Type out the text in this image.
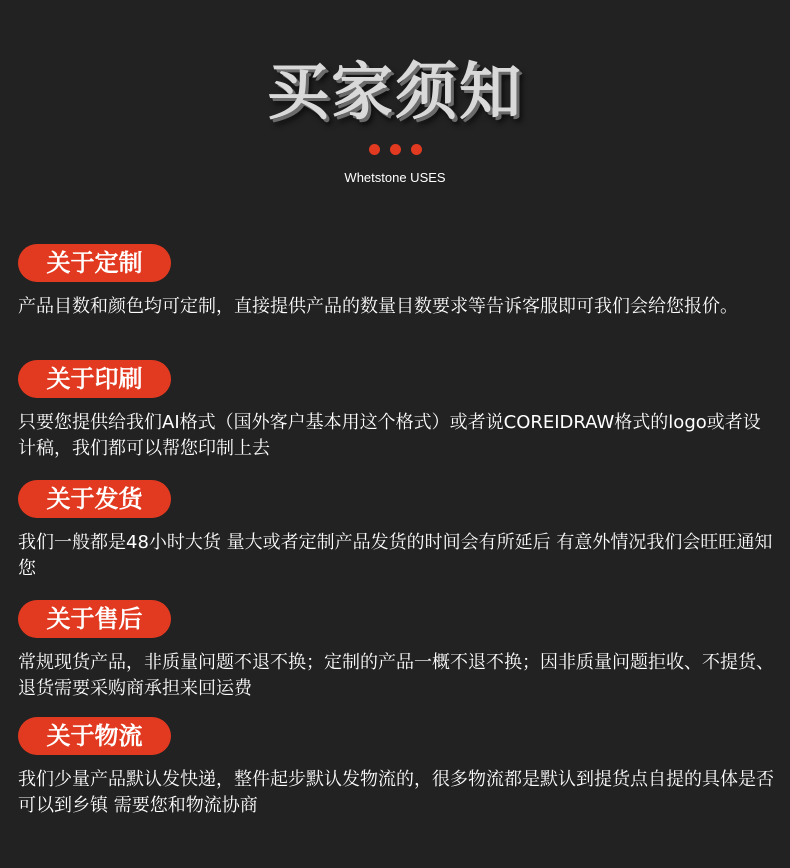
买家须知
Whetstone USES
关于定制
产品目数和颜色均可定制，直接提供产品的数量目数要求等告诉客服即可我们会给您报价。
关于印刷
只要您提供给我们AI格式（国外客户基本用这个格式）或者说COREIDRAW格式的logo或者设计稿，我们都可以帮您印制上去
关于发货
我们一般都是48小时大货 量大或者定制产品发货的时间会有所延后 有意外情况我们会旺旺通知您
关于售后
常规现货产品，非质量问题不退不换；定制的产品一概不退不换；因非质量问题拒收、不提货、退货需要采购商承担来回运费
关于物流
我们少量产品默认发快递，整件起步默认发物流的，很多物流都是默认到提货点自提的具体是否可以到乡镇 需要您和物流协商
